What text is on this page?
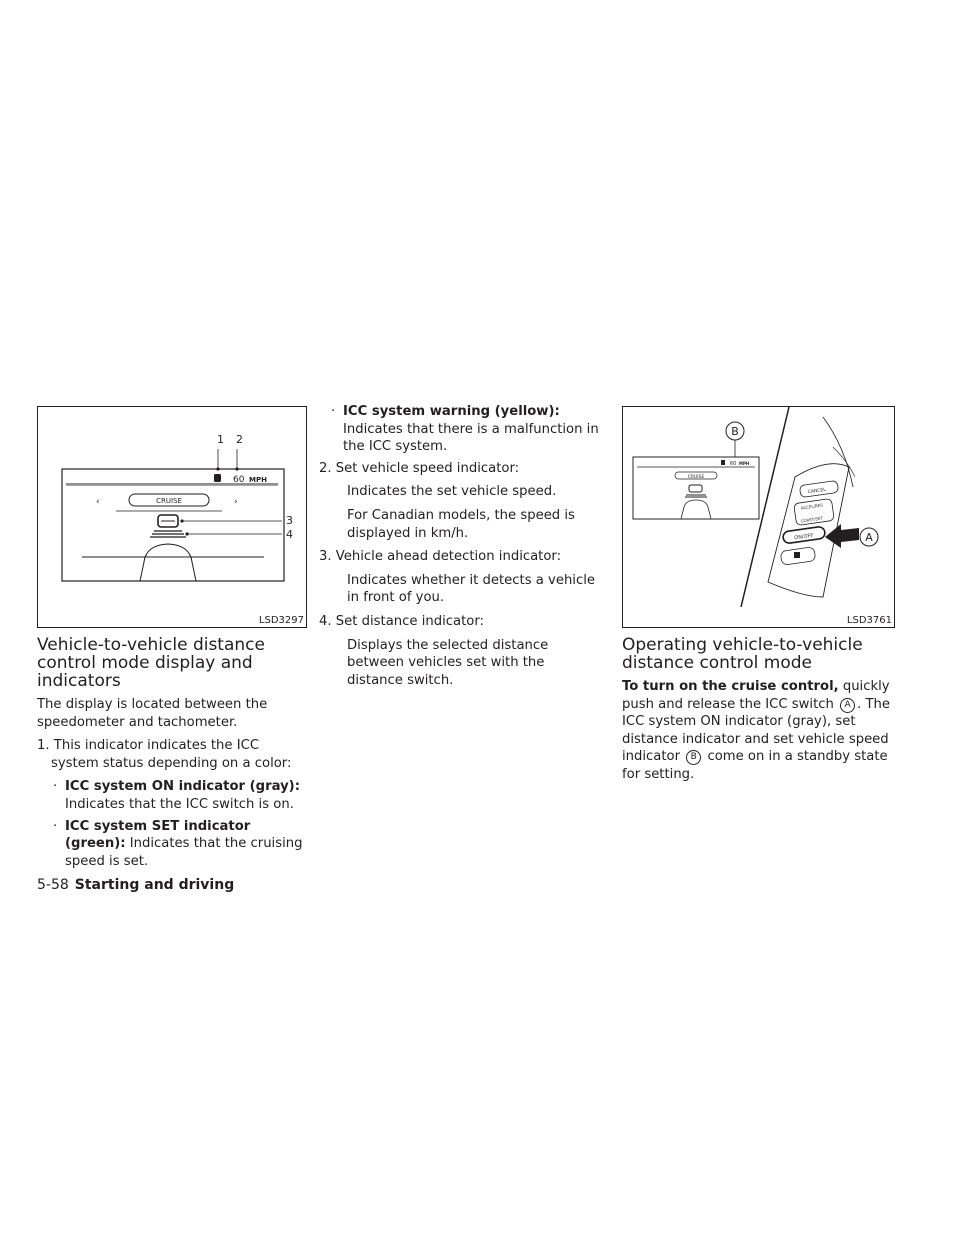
CRUISE
‹	›
60 MPH
1 2
3
4
LSD3297
Vehicle-to-vehicle distance control mode display and indicators

The display is located between the speedometer and tachometer.

1. This indicator indicates the ICC system status depending on a color:
· ICC system ON indicator (gray): Indicates that the ICC switch is on.
· ICC system SET indicator (green): Indicates that the cruising speed is set.
· ICC system warning (yellow): Indicates that there is a malfunction in the ICC system.
2. Set vehicle speed indicator:
Indicates the set vehicle speed.
For Canadian models, the speed is displayed in km/h.
3. Vehicle ahead detection indicator:
Indicates whether it detects a vehicle in front of you.
4. Set distance indicator:
Displays the selected distance between vehicles set with the distance switch.
CRUISE
60 MPH
B
CANCEL
ACCEL/RES
COAST/SET
ON/OFF	A
LSD3761
Operating vehicle-to-vehicle distance control mode

To turn on the cruise control, quickly push and release the ICC switch A . The ICC system ON indicator (gray), set distance indicator and set vehicle speed indicator B come on in a standby state for setting.

5-58 Starting and driving
